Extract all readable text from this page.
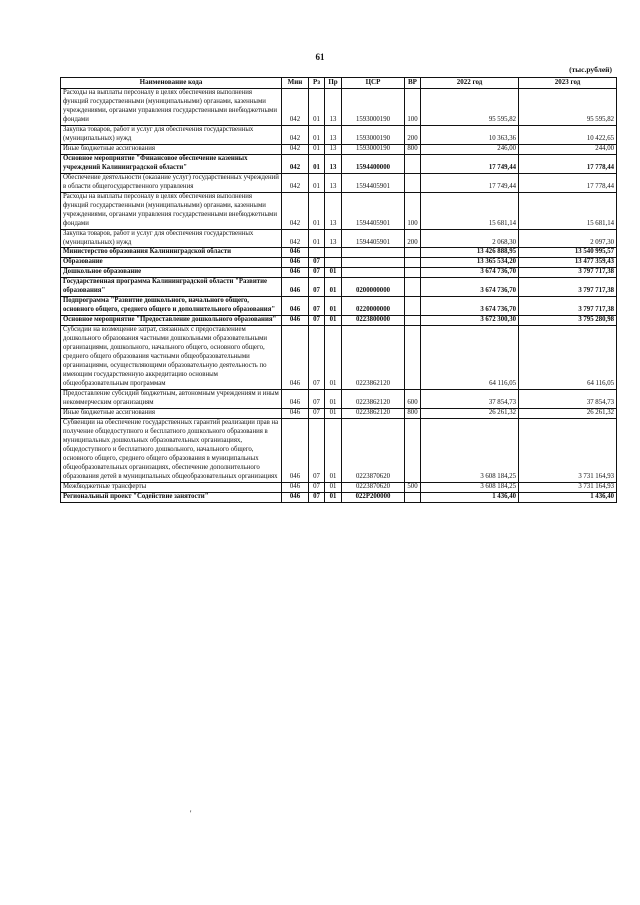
61
(тыс.рублей)
Наименование кода	Мин	Рз	Пр	ЦСР	ВР	2022 год	2023 год
Расходы на выплаты персоналу в целях обеспечения выполнения функций государственными (муниципальными) органами, казенными учреждениями, органами управления государственными внебюджетными фондами	042	01	13	1593000190	100	95 595,82	95 595,82
Закупка товаров, работ и услуг для обеспечения государственных (муниципальных) нужд	042	01	13	1593000190	200	10 363,36	10 422,65
Иные бюджетные ассигнования	042	01	13	1593000190	800	246,00	244,00
Основное мероприятие "Финансовое обеспечение казенных учреждений Калининградской области"	042	01	13	1594400000		17 749,44	17 778,44
Обеспечение деятельности (оказание услуг) государственных учреждений в области общегосударственного управления	042	01	13	1594405901		17 749,44	17 778,44
Расходы на выплаты персоналу в целях обеспечения выполнения функций государственными (муниципальными) органами, казенными учреждениями, органами управления государственными внебюджетными фондами	042	01	13	1594405901	100	15 681,14	15 681,14
Закупка товаров, работ и услуг для обеспечения государственных (муниципальных) нужд	042	01	13	1594405901	200	2 068,30	2 097,30
Министерство образования Калининградской области	046					13 426 888,95	13 540 995,57
Образование	046	07				13 365 534,20	13 477 359,43
Дошкольное образование	046	07	01			3 674 736,70	3 797 717,38
Государственная программа Калининградской области "Развитие образования"	046	07	01	0200000000		3 674 736,70	3 797 717,38
Подпрограмма "Развитие дошкольного, начального общего, основного общего, среднего общего и дополнительного образования"	046	07	01	0220000000		3 674 736,70	3 797 717,38
Основное мероприятие "Предоставление дошкольного образования"	046	07	01	0223800000		3 672 300,30	3 795 280,98
Субсидии на возмещение затрат, связанных с предоставлением дошкольного образования частными дошкольными образовательными организациями, дошкольного, начального общего, основного общего, среднего общего образования частными общеобразовательными организациями, осуществляющими образовательную деятельность по имеющим государственную аккредитацию основным общеобразовательным программам	046	07	01	0223862120		64 116,05	64 116,05
Предоставление субсидий бюджетным, автономным учреждениям и иным некоммерческим организациям	046	07	01	0223862120	600	37 854,73	37 854,73
Иные бюджетные ассигнования	046	07	01	0223862120	800	26 261,32	26 261,32
Субвенции на обеспечение государственных гарантий реализации прав на получение общедоступного и бесплатного дошкольного образования в муниципальных дошкольных образовательных организациях, общедоступного и бесплатного дошкольного, начального общего, основного общего, среднего общего образования в муниципальных общеобразовательных организациях, обеспечение дополнительного образования детей в муниципальных общеобразовательных организациях	046	07	01	0223870620		3 608 184,25	3 731 164,93
Межбюджетные трансферты	046	07	01	0223870620	500	3 608 184,25	3 731 164,93
Региональный проект "Содействие занятости"	046	07	01	022P200000		1 436,40	1 436,40
'
